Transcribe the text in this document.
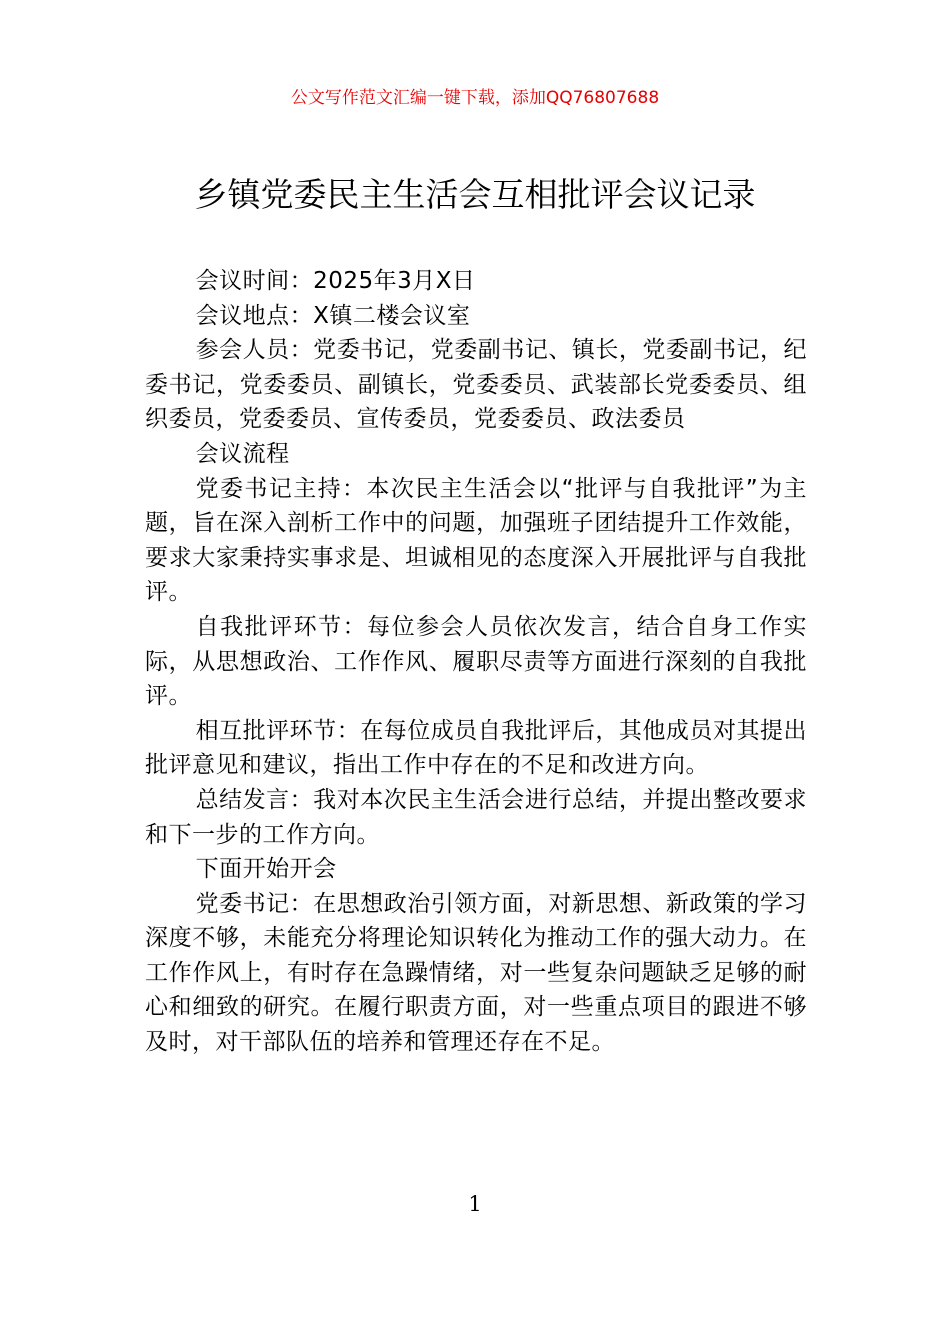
公文写作范文汇编一键下载，添加QQ76807688
乡镇党委民主生活会互相批评会议记录

会议时间：2025年3月X日

会议地点：X镇二楼会议室

参会人员：党委书记，党委副书记、镇长，党委副书记，纪委书记，党委委员、副镇长，党委委员、武装部长党委委员、组织委员，党委委员、宣传委员，党委委员、政法委员

会议流程

党委书记主持：本次民主生活会以“批评与自我批评”为主题，旨在深入剖析工作中的问题，加强班子团结提升工作效能，要求大家秉持实事求是、坦诚相见的态度深入开展批评与自我批评。

自我批评环节：每位参会人员依次发言，结合自身工作实际，从思想政治、工作作风、履职尽责等方面进行深刻的自我批评。

相互批评环节：在每位成员自我批评后，其他成员对其提出批评意见和建议，指出工作中存在的不足和改进方向。

总结发言：我对本次民主生活会进行总结，并提出整改要求和下一步的工作方向。

下面开始开会

党委书记：在思想政治引领方面，对新思想、新政策的学习深度不够，未能充分将理论知识转化为推动工作的强大动力。在工作作风上，有时存在急躁情绪，对一些复杂问题缺乏足够的耐心和细致的研究。在履行职责方面，对一些重点项目的跟进不够及时，对干部队伍的培养和管理还存在不足。

1
